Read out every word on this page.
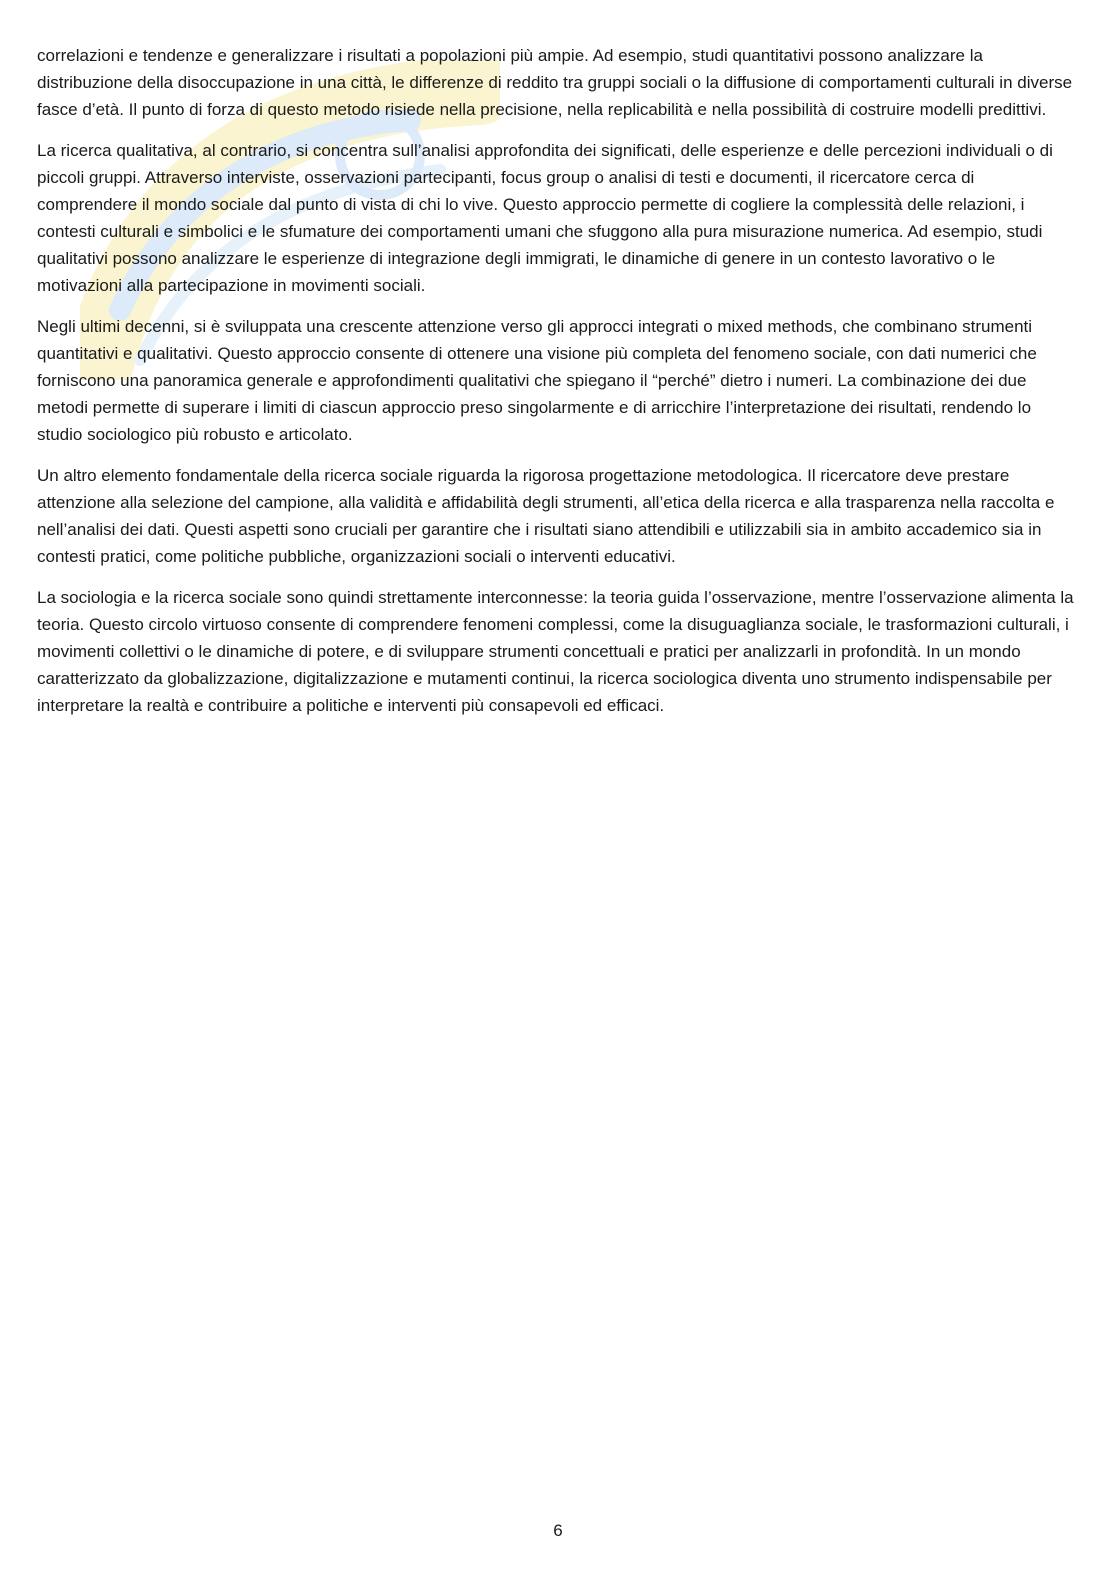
correlazioni e tendenze e generalizzare i risultati a popolazioni più ampie. Ad esempio, studi quantitativi possono analizzare la distribuzione della disoccupazione in una città, le differenze di reddito tra gruppi sociali o la diffusione di comportamenti culturali in diverse fasce d’età. Il punto di forza di questo metodo risiede nella precisione, nella replicabilità e nella possibilità di costruire modelli predittivi.

La ricerca qualitativa, al contrario, si concentra sull’analisi approfondita dei significati, delle esperienze e delle percezioni individuali o di piccoli gruppi. Attraverso interviste, osservazioni partecipanti, focus group o analisi di testi e documenti, il ricercatore cerca di comprendere il mondo sociale dal punto di vista di chi lo vive. Questo approccio permette di cogliere la complessità delle relazioni, i contesti culturali e simbolici e le sfumature dei comportamenti umani che sfuggono alla pura misurazione numerica. Ad esempio, studi qualitativi possono analizzare le esperienze di integrazione degli immigrati, le dinamiche di genere in un contesto lavorativo o le motivazioni alla partecipazione in movimenti sociali.

Negli ultimi decenni, si è sviluppata una crescente attenzione verso gli approcci integrati o mixed methods, che combinano strumenti quantitativi e qualitativi. Questo approccio consente di ottenere una visione più completa del fenomeno sociale, con dati numerici che forniscono una panoramica generale e approfondimenti qualitativi che spiegano il “perché” dietro i numeri. La combinazione dei due metodi permette di superare i limiti di ciascun approccio preso singolarmente e di arricchire l’interpretazione dei risultati, rendendo lo studio sociologico più robusto e articolato.

Un altro elemento fondamentale della ricerca sociale riguarda la rigorosa progettazione metodologica. Il ricercatore deve prestare attenzione alla selezione del campione, alla validità e affidabilità degli strumenti, all’etica della ricerca e alla trasparenza nella raccolta e nell’analisi dei dati. Questi aspetti sono cruciali per garantire che i risultati siano attendibili e utilizzabili sia in ambito accademico sia in contesti pratici, come politiche pubbliche, organizzazioni sociali o interventi educativi.

La sociologia e la ricerca sociale sono quindi strettamente interconnesse: la teoria guida l’osservazione, mentre l’osservazione alimenta la teoria. Questo circolo virtuoso consente di comprendere fenomeni complessi, come la disuguaglianza sociale, le trasformazioni culturali, i movimenti collettivi o le dinamiche di potere, e di sviluppare strumenti concettuali e pratici per analizzarli in profondità. In un mondo caratterizzato da globalizzazione, digitalizzazione e mutamenti continui, la ricerca sociologica diventa uno strumento indispensabile per interpretare la realtà e contribuire a politiche e interventi più consapevoli ed efficaci.

6
